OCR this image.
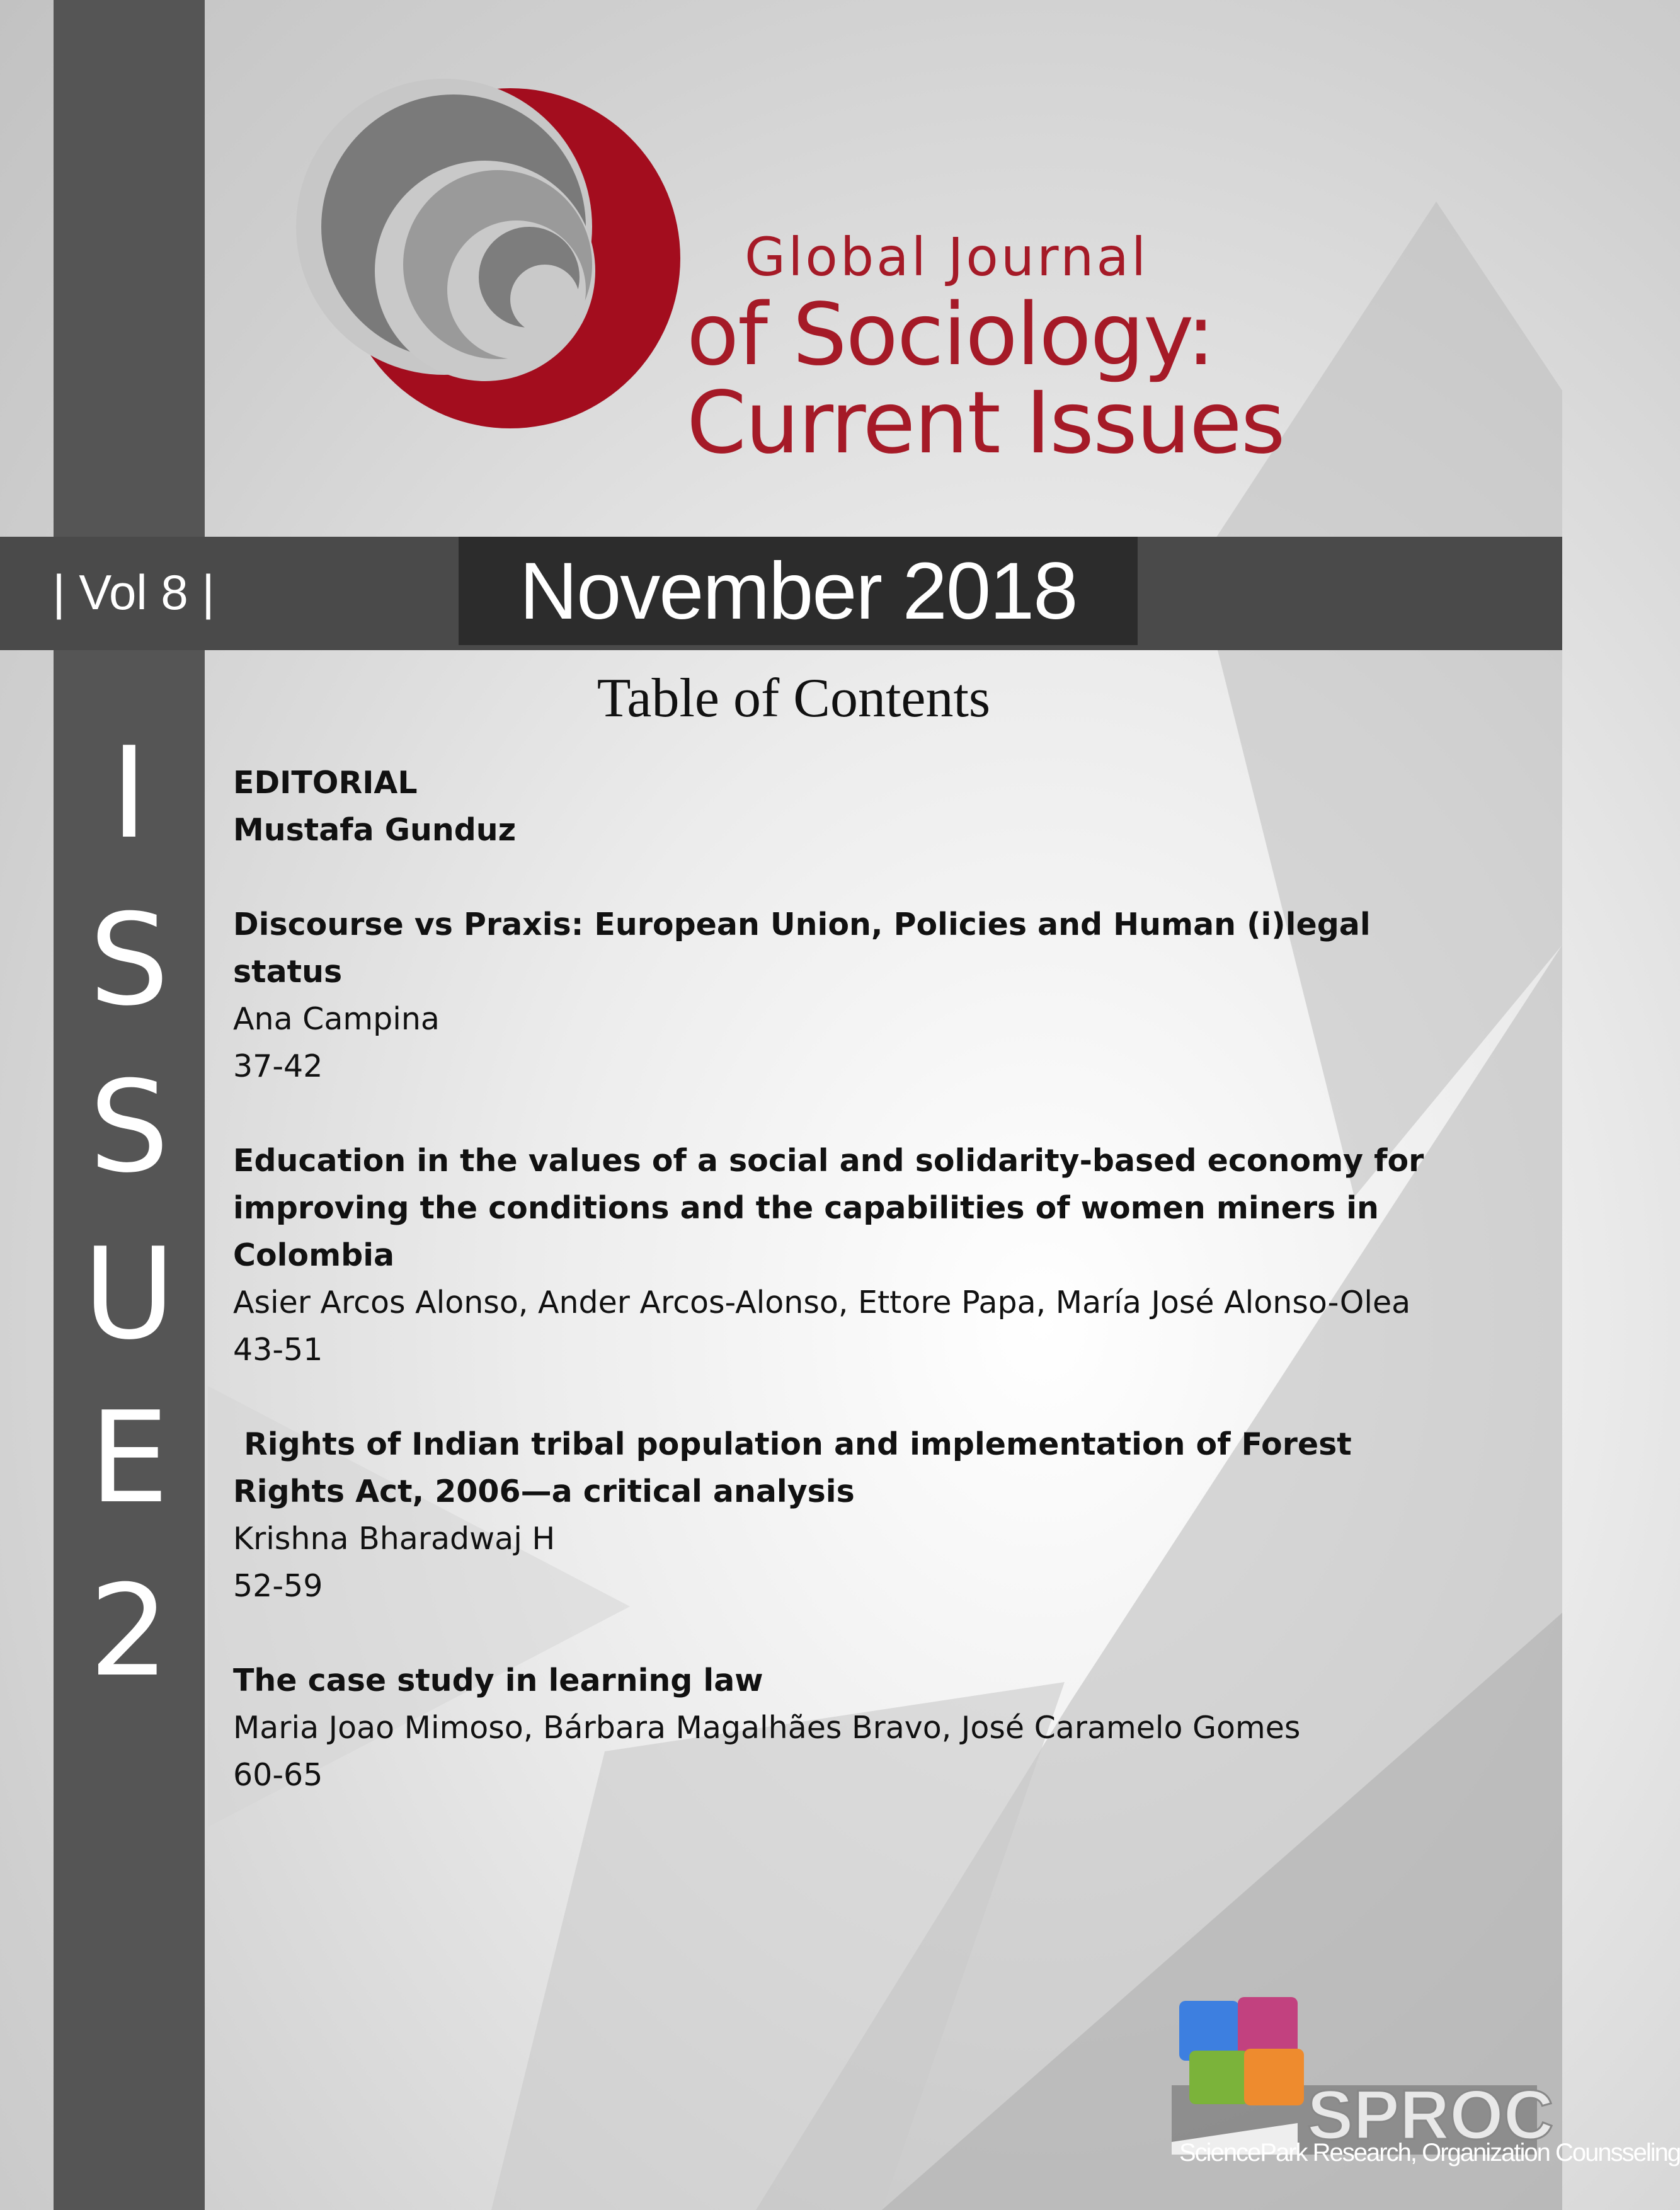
| Vol 8 |	November 2018
I
S
S
U
E
2
Global Journal
of Sociology:
Current Issues
Table of Contents
EDITORIAL
Mustafa Gunduz
Discourse vs Praxis: European Union, Policies and Human (i)legal status
Ana Campina
37-42
Education in the values of a social and solidarity-based economy for improving the conditions and the capabilities of women miners in Colombia
Asier Arcos Alonso, Ander Arcos-Alonso, Ettore Papa, María José Alonso-Olea
43-51
Rights of Indian tribal population and implementation of Forest Rights Act, 2006—a critical analysis
Krishna Bharadwaj H
52-59
The case study in learning law
Maria Joao Mimoso, Bárbara Magalhães Bravo, José Caramelo Gomes
60-65
SPROC
SciencePark Research, Organization Counsseling
